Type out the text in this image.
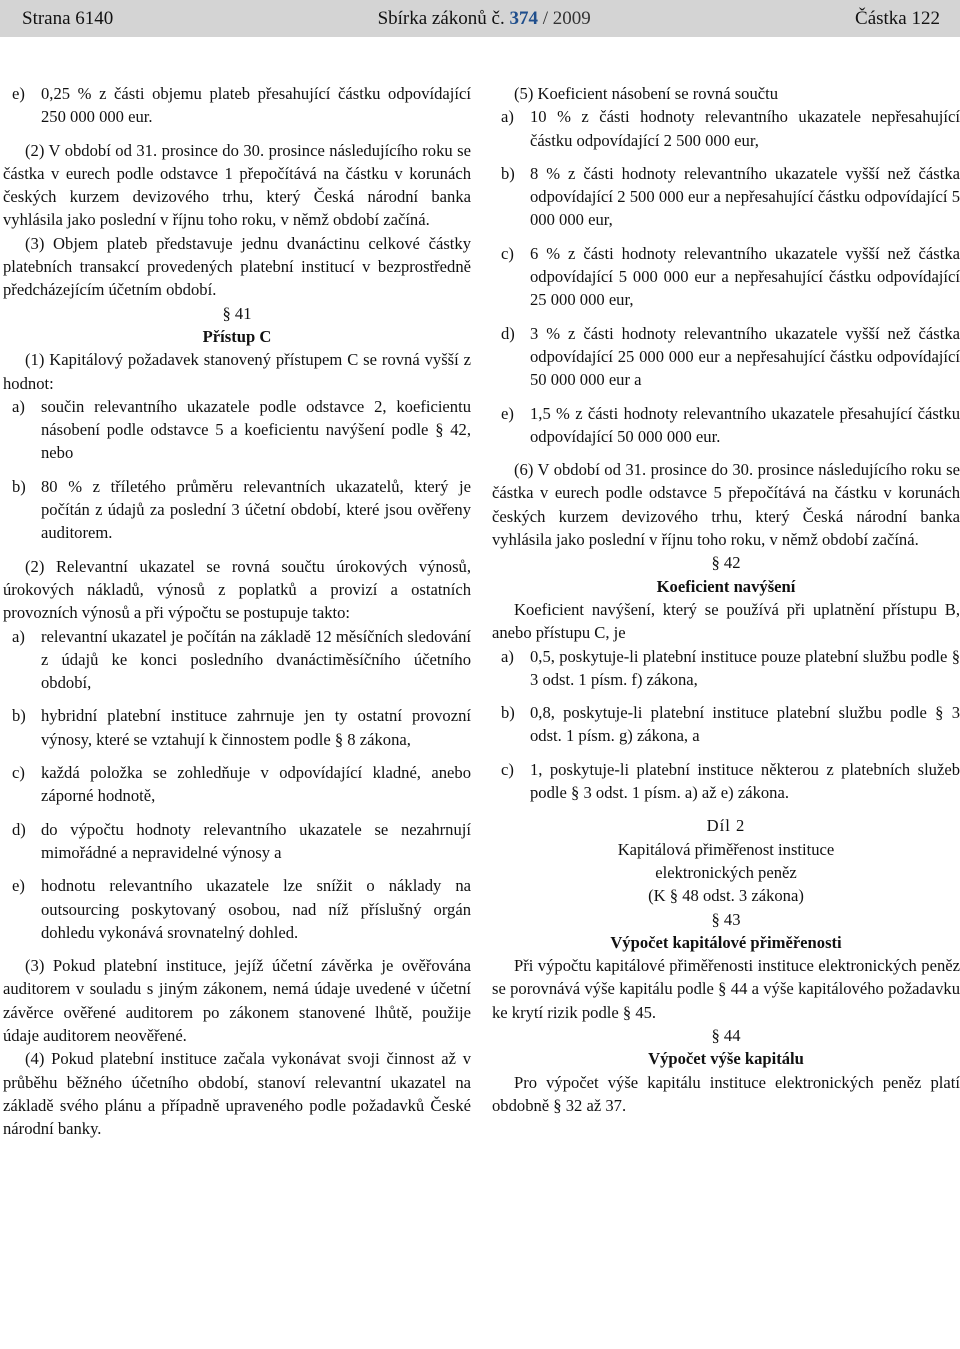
Strana 6140	Sbírka zákonů č. 374 / 2009	Částka 122
e) 0,25 % z části objemu plateb přesahující částku odpovídající 250 000 000 eur.

(2) V období od 31. prosince do 30. prosince následujícího roku se částka v eurech podle odstavce 1 přepočítává na částku v korunách českých kurzem devizového trhu, který Česká národní banka vyhlásila jako poslední v říjnu toho roku, v němž období začíná.

(3) Objem plateb představuje jednu dvanáctinu celkové částky platebních transakcí provedených platební institucí v bezprostředně předcházejícím účetním období.

§ 41

Přístup C

(1) Kapitálový požadavek stanovený přístupem C se rovná vyšší z hodnot:

a) součin relevantního ukazatele podle odstavce 2, koeficientu násobení podle odstavce 5 a koeficientu navýšení podle § 42, nebo
b) 80 % z tříletého průměru relevantních ukazatelů, který je počítán z údajů za poslední 3 účetní období, které jsou ověřeny auditorem.

(2) Relevantní ukazatel se rovná součtu úrokových výnosů, úrokových nákladů, výnosů z poplatků a provizí a ostatních provozních výnosů a při výpočtu se postupuje takto:

a) relevantní ukazatel je počítán na základě 12 měsíčních sledování z údajů ke konci posledního dvanáctiměsíčního účetního období,
b) hybridní platební instituce zahrnuje jen ty ostatní provozní výnosy, které se vztahují k činnostem podle § 8 zákona,
c) každá položka se zohledňuje v odpovídající kladné, anebo záporné hodnotě,
d) do výpočtu hodnoty relevantního ukazatele se nezahrnují mimořádné a nepravidelné výnosy a
e) hodnotu relevantního ukazatele lze snížit o náklady na outsourcing poskytovaný osobou, nad níž příslušný orgán dohledu vykonává srovnatelný dohled.

(3) Pokud platební instituce, jejíž účetní závěrka je ověřována auditorem v souladu s jiným zákonem, nemá údaje uvedené v účetní závěrce ověřené auditorem po zákonem stanovené lhůtě, použije údaje auditorem neověřené.

(4) Pokud platební instituce začala vykonávat svoji činnost až v průběhu běžného účetního období, stanoví relevantní ukazatel na základě svého plánu a případně upraveného podle požadavků České národní banky.

(5) Koeficient násobení se rovná součtu

a) 10 % z části hodnoty relevantního ukazatele nepřesahující částku odpovídající 2 500 000 eur,
b) 8 % z části hodnoty relevantního ukazatele vyšší než částka odpovídající 2 500 000 eur a nepřesahující částku odpovídající 5 000 000 eur,
c) 6 % z části hodnoty relevantního ukazatele vyšší než částka odpovídající 5 000 000 eur a nepřesahující částku odpovídající 25 000 000 eur,
d) 3 % z části hodnoty relevantního ukazatele vyšší než částka odpovídající 25 000 000 eur a nepřesahující částku odpovídající 50 000 000 eur a
e) 1,5 % z části hodnoty relevantního ukazatele přesahující částku odpovídající 50 000 000 eur.

(6) V období od 31. prosince do 30. prosince následujícího roku se částka v eurech podle odstavce 5 přepočítává na částku v korunách českých kurzem devizového trhu, který Česká národní banka vyhlásila jako poslední v říjnu toho roku, v němž období začíná.

§ 42

Koeficient navýšení

Koeficient navýšení, který se používá při uplatnění přístupu B, anebo přístupu C, je

a) 0,5, poskytuje-li platební instituce pouze platební službu podle § 3 odst. 1 písm. f) zákona,
b) 0,8, poskytuje-li platební instituce platební službu podle § 3 odst. 1 písm. g) zákona, a
c) 1, poskytuje-li platební instituce některou z platebních služeb podle § 3 odst. 1 písm. a) až e) zákona.

Díl 2

Kapitálová přiměřenost instituce

elektronických peněz

(K § 48 odst. 3 zákona)

§ 43

Výpočet kapitálové přiměřenosti

Při výpočtu kapitálové přiměřenosti instituce elektronických peněz se porovnává výše kapitálu podle § 44 a výše kapitálového požadavku ke krytí rizik podle § 45.

§ 44

Výpočet výše kapitálu

Pro výpočet výše kapitálu instituce elektronických peněz platí obdobně § 32 až 37.
